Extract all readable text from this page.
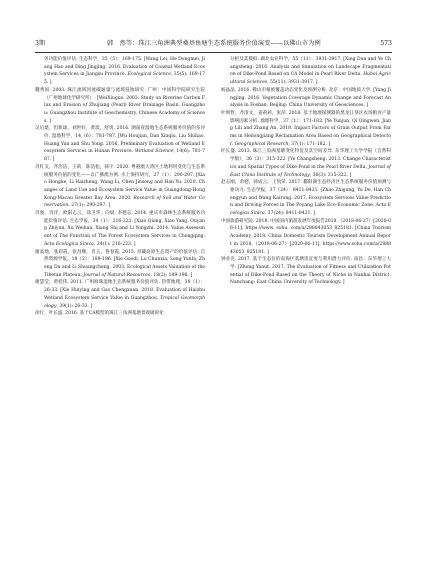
3期	韩　然等：珠江三角洲典型桑基鱼塘生态系统服务价值演变——以佛山市为例	573

务功能价值评估. 生态科学，35（5）：169-175. [Wang Lei, He Dongmei, Jiang Hao and Ding Jingjing. 2016. Evaluation of Coastal Wetland Ecosystem Services in Jiangsu Province. Ecological Science, 35(5): 169-175. ]

魏秀国. 2003. 珠江流域河流碳通量与流域侵蚀研究. 广州：中国科学院研究生院（广州地球化学研究所）. [WeiXiuguo. 2003. Study on Riverine Carbon Flux and Erosion of Zhujiang (Pearl) River Drainage Basin. Guangzhou: Guangzhou Institute of Geochemistry, Chinese Academy of Sciences. ]

吴后建，但新球，刘世好，黄琰，舒勇. 2016. 湖南省湿地生态系统服务价值的多评价. 湿地科学，14（6）：781-787. [Wu Houjian, Dan Xinqiu, Liu Shihao, Huang Yan and Shu Yong. 2016. Preliminary Evaluation of Wetland Ecosystem Services in Hunan Province. Wetland Science, 14(6): 781-787. ]

肖红戈，齐浩洁，王莉，陈浩松，韩宇. 2020. 粤港澳大湾区土地利用变化与生态系统服务价值的变化——以广佛澳为例. 水土保持研究，27（1）：290-297. [Xiao Hongke, Li Haizheng, Wang Li, Chen Jinsong and Han Yu. 2020. Changes of Land Use and Ecosystem Service Value in Guangdong-HongKong-Macau Greater Bay Area. 2020. Research of Soil and Water Conservation, 27(1): 290-297. ]

肖强，肖洋，欧阳志云，徐卫华，向斌. 李德志. 2014. 重庆市森林生态系统服务功能价值评估. 生态学报，34（1）：216-223. [Xiao Qiang, Xiao Yang, Ouyang Zhiyun, Xu Weihua, Xiang Shi and Li Yongzhi. 2014. Value Assessment of The Function of The Forest Ecosystem Services in Chongqing. Acta Ecologica Sinica, 34(1): 216-223. ]

谢高地，张彩霞，张昌顺，肖玉，鲁春霞. 2015. 青藏高原生态资产的价值评估. 自然资源学报，18（2）：189-196. [Xie Gaodi, Lu Chunxia, Leng Yunfa, Zheng Du and Li Shuangcheng. 2003. Ecological Assets Valuation of the Tibetan Plateau. Journal of Natural Resources, 18(2): 189-196. ]

谢慧莹，黄桂伟. 2011. 广州海珠湿地生态系统服务价值评估. 热带地理，39（1）：26-33. [Xie Huiying and Gao Chengxuan. 2018. Evaluation of Haizhu Wetland Ecosystem Service Value in Guangzhou. Tropical Geomorphology, 39(1): 26-33. ]

徐行，叶长盛. 2016. 基于CA模型的珠江三角洲基塘景观破碎化

分析及其模拟. 湖北农业科学，55（11）：3931-3917. [Xing Dan and Ye Changsheng. 2016. Analysis and Simulation on Landscape Fragmentation of Dike-Pond Based on CA Model in Pearl River Delta. Hubei Agricultural Sciences, 55(11): 3931-3917. ]

杨晶晶. 2016. 佛山市植被覆盖动态变化及预测分析. 北京：中国地质大学. [Yang Jingjing. 2016. Vegetation Coverage Dynamic Change and Forecast Analysis in Foshan. Beijing: China University of Geosciences. ]

叶圳哲，齐清文，姜莉莉，张萍. 2018. 基于地理探测器的黑龙江垦区农场粮食产量影响因素分析. 地理科学，37（1）：171-182. [Ye Yunjun, Qi Qingwen, Jiang Lili and Zhang An. 2018. Impact Factors of Grain Output From Farms in Heilongjiang Reclamation Area Based on Geographical Detector. Geographical Research, 37(1): 171-182. ]

叶长盛. 2013. 珠江三角洲基塘变化特征及其空间差异. 东华理工大学学报（自然科学版），36（3）：315-322. [Ye Changsheng. 2013. Change Characteristics and Spatial Types of Dike-Pond in the Pearl River Delta. Journal of East China Institute of Technology, 36(3): 315-322. ]

赵志刚，余德，韩成云，王凯荣. 2017. 鄱阳湖生态经济区生态系统服务价值预测与驱动力. 生态学报，37（24）：8411-8421. [Zhao Zhigang, Yu De, Han Chengyun and Wang Kairong. 2017. Ecosystem Services Value Prediction and Driving Forces in The Poyang Lake Eco-Economic Zone. Acta Ecologica Sinica, 37(24): 8411-8421. ]

中国旅游研究院. 2018. 中国国内旅游发展年度报告2018.（2018-06-27）[2020-06-11]. https://www. sohu. com/a/288843053_825181. [China Tourism Academy. 2018. China Domestic Tourism Development Annual Report in 2018.（2018-06-27）[2020-06-11]. https://www.sohu.com/a/288843053_825181. ]

钟业克. 2017. 基于生态位的南海区基塘适宜度与利用潜力评价. 南昌：东华理工大学. [Zhong Yanut. 2017. The Evaluation of Fitness and Utilization Potential of Dike-Pond Based on the Theory of Niche in Nanhai District. Nanchang: East China University of Technology. ]
